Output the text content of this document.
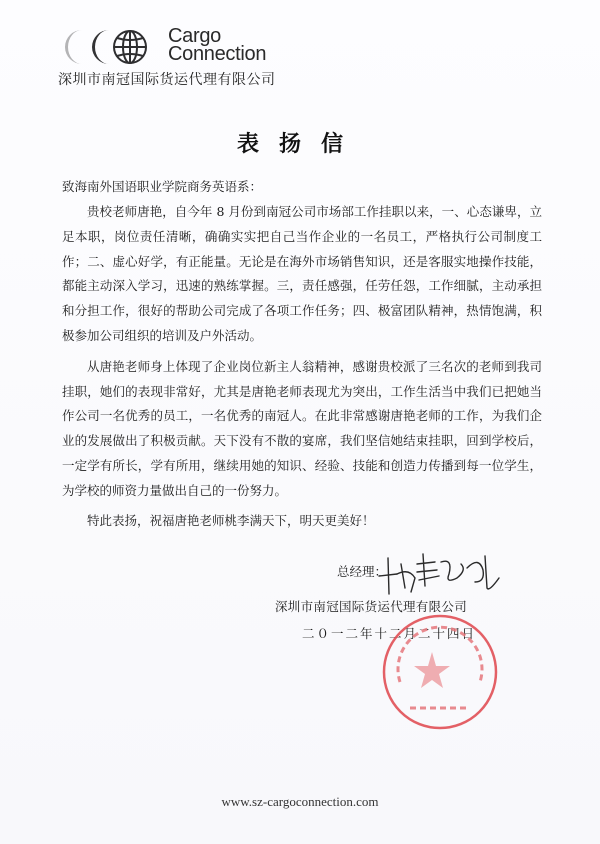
Cargo
Connection
深圳市南冠国际货运代理有限公司
表扬信
致海南外国语职业学院商务英语系：

贵校老师唐艳，自今年 8 月份到南冠公司市场部工作挂职以来，一、心态谦卑，立足本职，岗位责任清晰，确确实实把自己当作企业的一名员工，严格执行公司制度工作；二、虚心好学，有正能量。无论是在海外市场销售知识，还是客服实地操作技能，都能主动深入学习，迅速的熟练掌握。三，责任感强，任劳任怨，工作细腻，主动承担和分担工作，很好的帮助公司完成了各项工作任务；四、极富团队精神，热情饱满，积极参加公司组织的培训及户外活动。

从唐艳老师身上体现了企业岗位新主人翁精神，感谢贵校派了三名次的老师到我司挂职，她们的表现非常好，尤其是唐艳老师表现尤为突出，工作生活当中我们已把她当作公司一名优秀的员工，一名优秀的南冠人。在此非常感谢唐艳老师的工作，为我们企业的发展做出了积极贡献。天下没有不散的宴席，我们坚信她结束挂职，回到学校后，一定学有所长，学有所用，继续用她的知识、经验、技能和创造力传播到每一位学生，为学校的师资力量做出自己的一份努力。

特此表扬，祝福唐艳老师桃李满天下，明天更美好！
总经理：
深圳市南冠国际货运代理有限公司
二０一二年十二月二十四日
www.sz-cargoconnection.com
